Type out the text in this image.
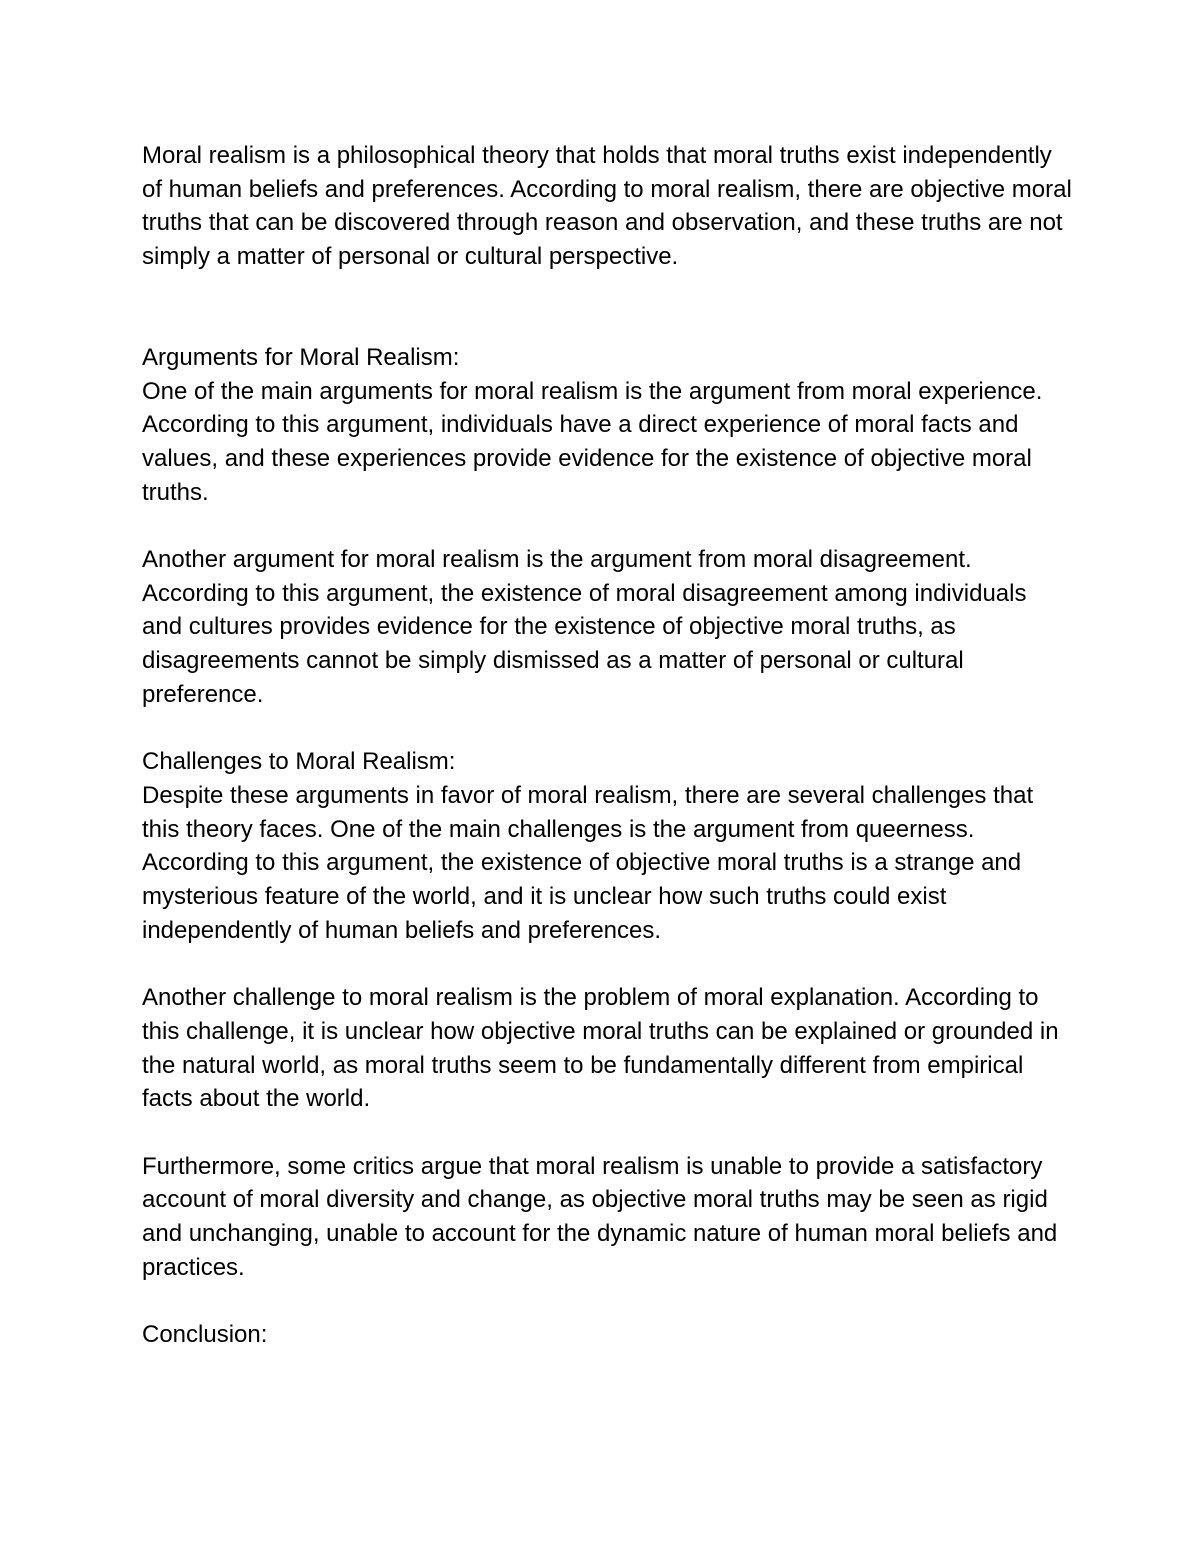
Moral realism is a philosophical theory that holds that moral truths exist independently of human beliefs and preferences. According to moral realism, there are objective moral truths that can be discovered through reason and observation, and these truths are not simply a matter of personal or cultural perspective.

Arguments for Moral Realism:

One of the main arguments for moral realism is the argument from moral experience. According to this argument, individuals have a direct experience of moral facts and values, and these experiences provide evidence for the existence of objective moral truths.

Another argument for moral realism is the argument from moral disagreement. According to this argument, the existence of moral disagreement among individuals and cultures provides evidence for the existence of objective moral truths, as disagreements cannot be simply dismissed as a matter of personal or cultural preference.

Challenges to Moral Realism:

Despite these arguments in favor of moral realism, there are several challenges that this theory faces. One of the main challenges is the argument from queerness. According to this argument, the existence of objective moral truths is a strange and mysterious feature of the world, and it is unclear how such truths could exist independently of human beliefs and preferences.

Another challenge to moral realism is the problem of moral explanation. According to this challenge, it is unclear how objective moral truths can be explained or grounded in the natural world, as moral truths seem to be fundamentally different from empirical facts about the world.

Furthermore, some critics argue that moral realism is unable to provide a satisfactory account of moral diversity and change, as objective moral truths may be seen as rigid and unchanging, unable to account for the dynamic nature of human moral beliefs and practices.

Conclusion:
